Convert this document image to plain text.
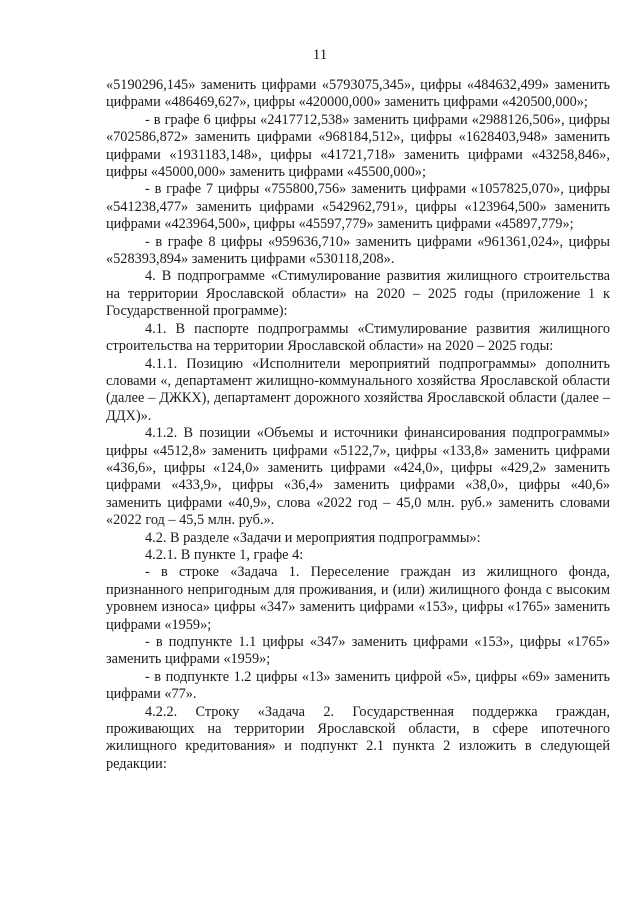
11

«5190296,145» заменить цифрами «5793075,345», цифры «484632,499» заменить цифрами «486469,627», цифры «420000,000» заменить цифрами «420500,000»;

- в графе 6 цифры «2417712,538» заменить цифрами «2988126,506», цифры «702586,872» заменить цифрами «968184,512», цифры «1628403,948» заменить цифрами «1931183,148», цифры «41721,718» заменить цифрами «43258,846», цифры «45000,000» заменить цифрами «45500,000»;

- в графе 7 цифры «755800,756» заменить цифрами «1057825,070», цифры «541238,477» заменить цифрами «542962,791», цифры «123964,500» заменить цифрами «423964,500», цифры «45597,779» заменить цифрами «45897,779»;

- в графе 8 цифры «959636,710» заменить цифрами «961361,024», цифры «528393,894» заменить цифрами «530118,208».

4. В подпрограмме «Стимулирование развития жилищного строительства на территории Ярославской области» на 2020 – 2025 годы (приложение 1 к Государственной программе):

4.1. В паспорте подпрограммы «Стимулирование развития жилищного строительства на территории Ярославской области» на 2020 – 2025 годы:

4.1.1. Позицию «Исполнители мероприятий подпрограммы» дополнить словами «, департамент жилищно-коммунального хозяйства Ярославской области (далее – ДЖКХ), департамент дорожного хозяйства Ярославской области (далее – ДДХ)».

4.1.2. В позиции «Объемы и источники финансирования подпрограммы» цифры «4512,8» заменить цифрами «5122,7», цифры «133,8» заменить цифрами «436,6», цифры «124,0» заменить цифрами «424,0», цифры «429,2» заменить цифрами «433,9», цифры «36,4» заменить цифрами «38,0», цифры «40,6» заменить цифрами «40,9», слова «2022 год – 45,0 млн. руб.» заменить словами «2022 год – 45,5 млн. руб.».

4.2. В разделе «Задачи и мероприятия подпрограммы»:

4.2.1. В пункте 1, графе 4:

- в строке «Задача 1. Переселение граждан из жилищного фонда, признанного непригодным для проживания, и (или) жилищного фонда с высоким уровнем износа» цифры «347» заменить цифрами «153», цифры «1765» заменить цифрами «1959»;

- в подпункте 1.1 цифры «347» заменить цифрами «153», цифры «1765» заменить цифрами «1959»;

- в подпункте 1.2 цифры «13» заменить цифрой «5», цифры «69» заменить цифрами «77».

4.2.2. Строку «Задача 2. Государственная поддержка граждан, проживающих на территории Ярославской области, в сфере ипотечного жилищного кредитования» и подпункт 2.1 пункта 2 изложить в следующей редакции:
